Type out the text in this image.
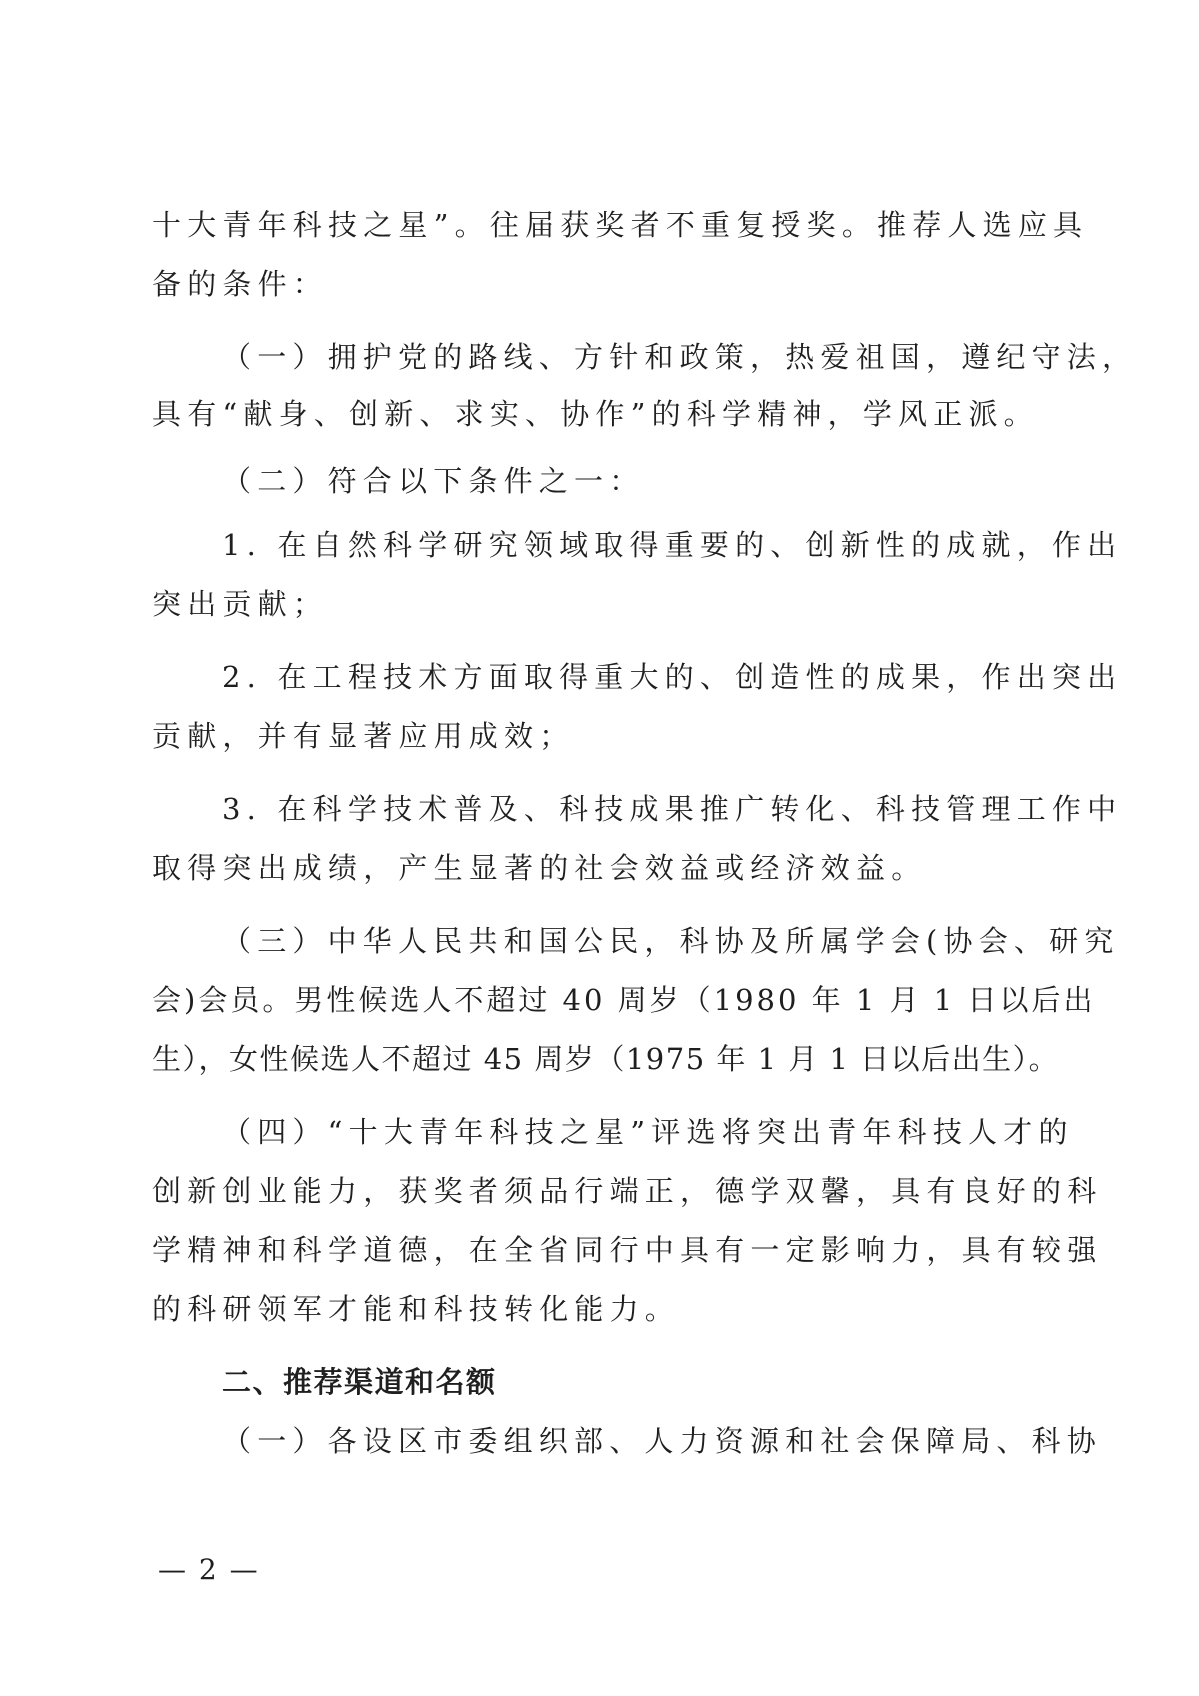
十大青年科技之星”。往届获奖者不重复授奖。推荐人选应具
备的条件：
（一）拥护党的路线、方针和政策，热爱祖国，遵纪守法，
具有“献身、创新、求实、协作”的科学精神，学风正派。
（二）符合以下条件之一：
1. 在自然科学研究领域取得重要的、创新性的成就，作出
突出贡献；
2. 在工程技术方面取得重大的、创造性的成果，作出突出
贡献，并有显著应用成效；
3. 在科学技术普及、科技成果推广转化、科技管理工作中
取得突出成绩，产生显著的社会效益或经济效益。
（三）中华人民共和国公民，科协及所属学会(协会、研究
会)会员。男性候选人不超过 40 周岁（1980 年 1 月 1 日以后出
生），女性候选人不超过 45 周岁（1975 年 1 月 1 日以后出生）。
（四）“十大青年科技之星”评选将突出青年科技人才的
创新创业能力，获奖者须品行端正，德学双馨，具有良好的科
学精神和科学道德，在全省同行中具有一定影响力，具有较强
的科研领军才能和科技转化能力。
二、推荐渠道和名额
（一）各设区市委组织部、人力资源和社会保障局、科协
— 2 —
